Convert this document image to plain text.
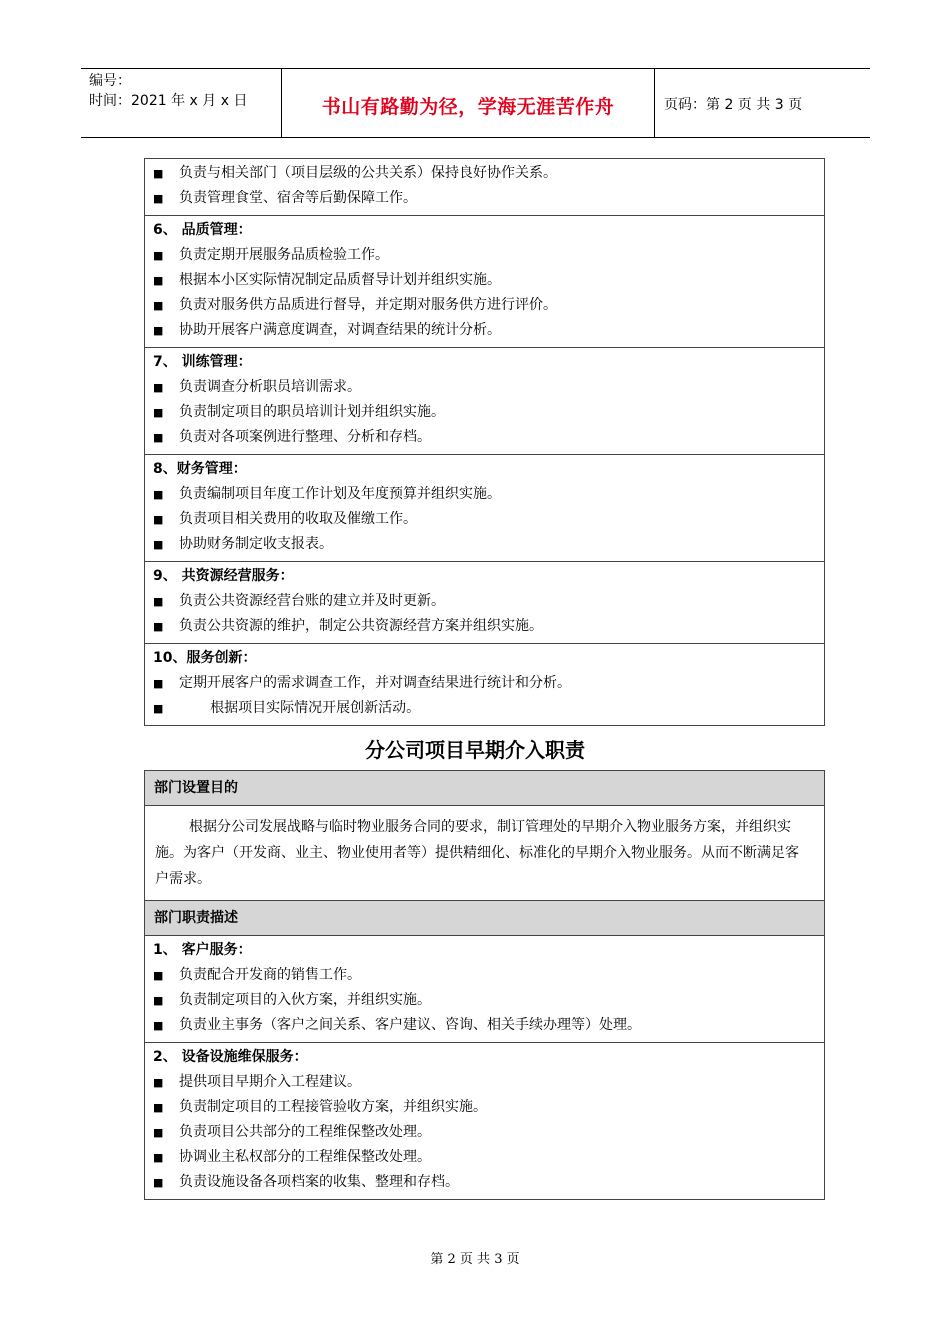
编号：
时间：2021 年 x 月 x 日	书山有路勤为径，学海无涯苦作舟	页码：第 2 页 共 3 页
■ 负责与相关部门（项目层级的公共关系）保持良好协作关系。
■ 负责管理食堂、宿舍等后勤保障工作。
6、 品质管理：
■ 负责定期开展服务品质检验工作。
■ 根据本小区实际情况制定品质督导计划并组织实施。
■ 负责对服务供方品质进行督导，并定期对服务供方进行评价。
■ 协助开展客户满意度调查，对调查结果的统计分析。
7、 训练管理：
■ 负责调查分析职员培训需求。
■ 负责制定项目的职员培训计划并组织实施。
■ 负责对各项案例进行整理、分析和存档。
8、财务管理：
■ 负责编制项目年度工作计划及年度预算并组织实施。
■ 负责项目相关费用的收取及催缴工作。
■ 协助财务制定收支报表。
9、 共资源经营服务：
■ 负责公共资源经营台账的建立并及时更新。
■ 负责公共资源的维护，制定公共资源经营方案并组织实施。
10、服务创新：
■ 定期开展客户的需求调查工作，并对调查结果进行统计和分析。
■       根据项目实际情况开展创新活动。
分公司项目早期介入职责
部门设置目的
根据分公司发展战略与临时物业服务合同的要求，制订管理处的早期介入物业服务方案，并组织实施。为客户（开发商、业主、物业使用者等）提供精细化、标准化的早期介入物业服务。从而不断满足客户需求。
部门职责描述
1、 客户服务：
■ 负责配合开发商的销售工作。
■ 负责制定项目的入伙方案，并组织实施。
■ 负责业主事务（客户之间关系、客户建议、咨询、相关手续办理等）处理。
2、 设备设施维保服务：
■ 提供项目早期介入工程建议。
■ 负责制定项目的工程接管验收方案，并组织实施。
■ 负责项目公共部分的工程维保整改处理。
■ 协调业主私权部分的工程维保整改处理。
■ 负责设施设备各项档案的收集、整理和存档。
第 2 页 共 3 页
